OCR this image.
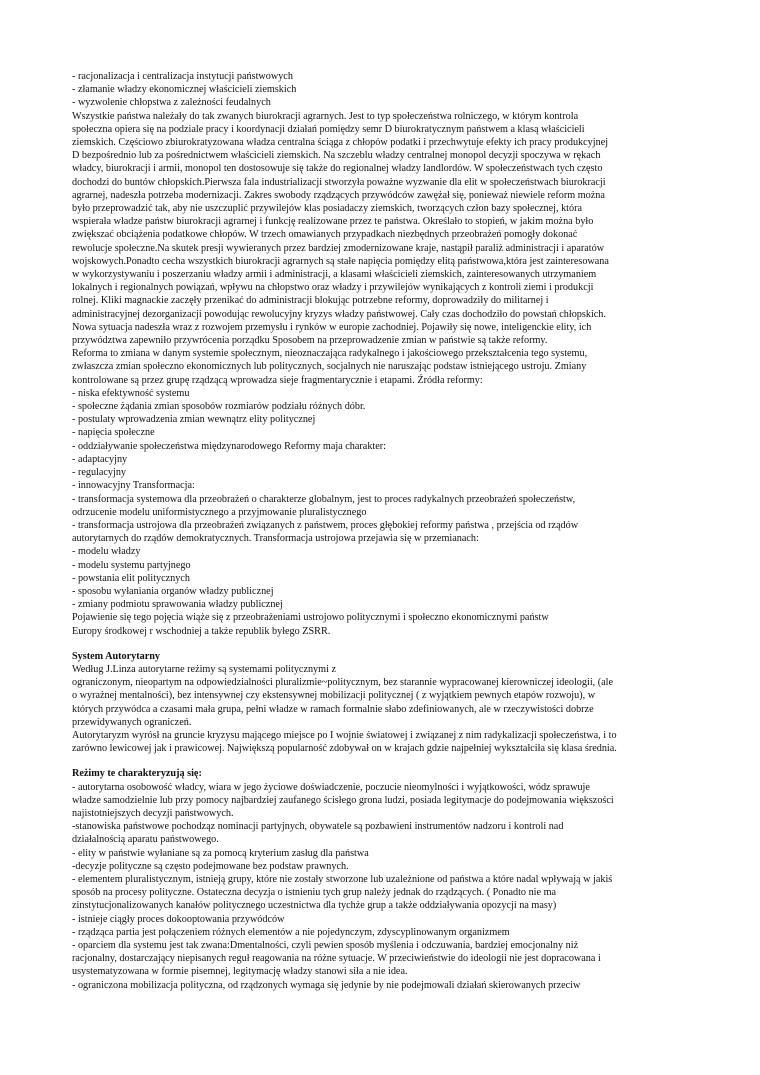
- racjonalizacja i centralizacja instytucji państwowych
- złamanie władzy ekonomicznej właścicieli ziemskich
- wyzwolenie chłopstwa z zależności feudalnych
Wszystkie państwa należały do tak zwanych biurokracji agrarnych. Jest to typ społeczeństwa rolniczego, w którym kontrola
społeczna opiera się na podziale pracy i koordynacji działań pomiędzy semr D biurokratycznym państwem a klasą właścicieli
ziemskich. Częściowo zbiurokratyzowana władza centralna ściąga z chłopów podatki i przechwytuje efekty ich pracy produkcyjnej
D bezpośrednio lub za pośrednictwem właścicieli ziemskich. Na szczeblu władzy centralnej monopol decyzji spoczywa w rękach
władcy, biurokracji i armii, monopol ten dostosowuje się także do regionalnej władzy landlordów. W społeczeństwach tych często
dochodzi do buntów chłopskich.Pierwsza fala industrializacji stworzyła poważne wyzwanie dla elit w społeczeństwach biurokracji
agrarnej, nadeszła potrzeba modernizacji. Zakres swobody rządzących przywódców zawężał się, ponieważ niewiele reform można
było przeprowadzić tak, aby nie uszczuplić przywilejów klas posiadaczy ziemskich, tworzących człon bazy społecznej, która
wspierała władze państw biurokracji agrarnej i funkcję realizowane przez te państwa. Określało to stopień, w jakim można było
zwiększać obciążenia podatkowe chłopów. W trzech omawianych przypadkach niezbędnych przeobrażeń pomogły dokonać
rewolucje społeczne.Na skutek presji wywieranych przez bardziej zmodernizowane kraje, nastąpił paraliż administracji i aparatów
wojskowych.Ponadto cecha wszystkich biurokracji agrarnych są stałe napięcia pomiędzy elitą państwowa,która jest zainteresowana
w wykorzystywaniu i poszerzaniu władzy armii i administracji, a klasami właścicieli ziemskich, zainteresowanych utrzymaniem
lokalnych i regionalnych powiązań, wpływu na chłopstwo oraz władzy i przywilejów wynikających z kontroli ziemi i produkcji
rolnej. Kliki magnackie zaczęły przenikać do administracji blokując potrzebne reformy, doprowadziły do militarnej i
administracyjnej dezorganizacji powodując rewolucyjny kryzys władzy państwowej. Cały czas dochodziło do powstań chłopskich.
Nowa sytuacja nadeszła wraz z rozwojem przemysłu i rynków w europie zachodniej. Pojawiły się nowe, inteligenckie elity, ich
przywództwa zapewniło przywrócenia porządku Sposobem na przeprowadzenie zmian w państwie są także reformy.
Reforma to zmiana w danym systemie społecznym, nieoznaczająca radykalnego i jakościowego przekształcenia tego systemu,
zwłaszcza zmian społeczno ekonomicznych lub politycznych, socjalnych nie naruszając podstaw istniejącego ustroju. Zmiany
kontrolowane są przez grupę rządzącą wprowadza sieje fragmentarycznie i etapami. Źródła reformy:
- niska efektywność systemu
- społeczne żądania zmian sposobów rozmiarów podziału różnych dóbr.
- postulaty wprowadzenia zmian wewnątrz elity politycznej
- napięcia społeczne
- oddziaływanie społeczeństwa międzynarodowego Reformy maja charakter:
- adaptacyjny
- regulacyjny
- innowacyjny Transformacja:
- transformacja systemowa dla przeobrażeń o charakterze globalnym, jest to proces radykalnych przeobrażeń społeczeństw,
odrzucenie modelu uniformistycznego a przyjmowanie pluralistycznego
- transformacja ustrojowa dla przeobrażeń związanych z państwem, proces głębokiej reformy państwa , przejścia od rządów
autorytarnych do rządów demokratycznych. Transformacja ustrojowa przejawia się w przemianach:
- modelu władzy
- modelu systemu partyjnego
- powstania elit politycznych
- sposobu wyłaniania organów władzy publicznej
- zmiany podmiotu sprawowania władzy publicznej
Pojawienie się tego pojęcia wiąże się z przeobrażeniami ustrojowo politycznymi i społeczno ekonomicznymi państw
Europy środkowej r wschodniej a także republik byłego ZSRR.
System Autorytarny
Według J.Linza autorytarne reżimy są systemami politycznymi z
ograniczonym, nieopartym na odpowiedzialności pluralizmie~politycznym, bez starannie wypracowanej kierowniczej ideologii, (ale
o wyrażnej mentalności), bez intensywnej czy ekstensywnej mobilizacji politycznej ( z wyjątkiem pewnych etapów rozwoju), w
których przywódca a czasami mała grupa, pełni władze w ramach formalnie słabo zdefiniowanych, ale w rzeczywistości dobrze
przewidywanych ograniczeń.
Autorytaryzm wyrósł na gruncie kryzysu mającego miejsce po I wojnie światowej i związanej z nim radykalizacji społeczeństwa, i to
zarówno lewicowej jak i prawicowej. Największą popularność zdobywał on w krajach gdzie najpełniej wykształciła się klasa średnia.
Reżimy te charakteryzują się:
- autorytarna osobowość władcy, wiara w jego życiowe doświadczenie, poczucie nieomylności i wyjątkowości, wódz sprawuje
władze samodzielnie lub przy pomocy najbardziej zaufanego ścisłego grona ludzi, posiada legitymacje do podejmowania większości
najistotniejszych decyzji państwowych.
-stanowiska państwowe pochodząz nominacji partyjnych, obywatele są pozbawieni instrumentów nadzoru i kontroli nad
działalnością aparatu państwowego.
- elity w państwie wyłaniane są za pomocą kryterium zasług dla państwa
-decyzje polityczne są często podejmowane bez podstaw prawnych.
- elementem pluralistycznym, istnieją grupy, które nie zostały stworzone lub uzależnione od państwa a które nadal wpływają w jakiś
sposób na procesy polityczne. Ostateczna decyzja o istnieniu tych grup należy jednak do rządzących. ( Ponadto nie ma
zinstytucjonalizowanych kanałów politycznego uczestnictwa dla tychże grup a także oddziaływania opozycji na masy)
- istnieje ciągły proces dokooptowania przywódców
- rządząca partia jest połączeniem różnych elementów a nie pojedynczym, zdyscyplinowanym organizmem
- oparciem dla systemu jest tak zwana:Dmentalności, czyli pewien sposób myślenia i odczuwania, bardziej emocjonalny niż
racjonalny, dostarczający niepisanych reguł reagowania na różne sytuacje. W przeciwieństwie do ideologii nie jest dopracowana i
usystematyzowana w formie pisemnej, legitymację władzy stanowi siła a nie idea.
- ograniczona mobilizacja polityczna, od rządzonych wymaga się jedynie by nie podejmowali działań skierowanych przeciw
